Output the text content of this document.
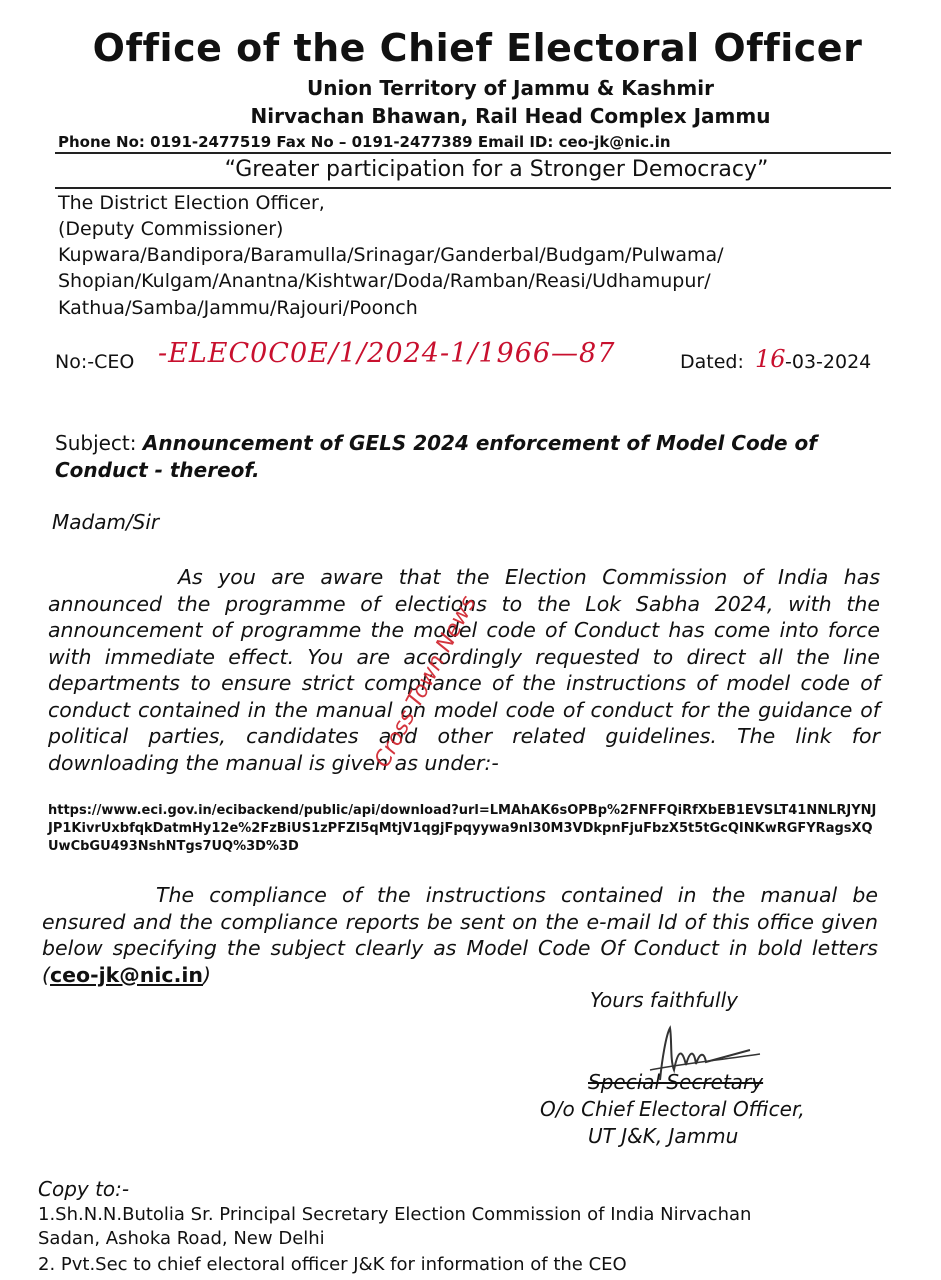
Office of the Chief Electoral Officer
Union Territory of Jammu & Kashmir
Nirvachan Bhawan, Rail Head Complex Jammu
Phone No: 0191-2477519 Fax No – 0191-2477389 Email ID: ceo-jk@nic.in
“Greater participation for a Stronger Democracy”
The District Election Officer,
(Deputy Commissioner)
Kupwara/Bandipora/Baramulla/Srinagar/Ganderbal/Budgam/Pulwama/
Shopian/Kulgam/Anantna/Kishtwar/Doda/Ramban/Reasi/Udhamupur/
Kathua/Samba/Jammu/Rajouri/Poonch
No:-CEO -ELEC0C0E/1/2024-1/1966—87	Dated: 16 -03-2024
Subject: Announcement of GELS 2024 enforcement of Model Code of
Conduct - thereof.
Madam/Sir
As you are aware that the Election Commission of India has announced the programme of elections to the Lok Sabha 2024, with the announcement of programme the model code of Conduct has come into force with immediate effect. You are accordingly requested to direct all the line departments to ensure strict compliance of the instructions of model code of conduct contained in the manual on model code of conduct for the guidance of political parties, candidates and other related guidelines. The link for downloading the manual is given as under:-
https://www.eci.gov.in/ecibackend/public/api/download?url=LMAhAK6sOPBp%2FNFFQiRfXbEB1EVSLT41NNLRJYNJJP1KivrUxbfqkDatmHy12e%2FzBiUS1zPFZI5qMtjV1qgjFpqyywa9nl30M3VDkpnFjuFbzX5t5tGcQINKwRGFYRagsXQUwCbGU493NshNTgs7UQ%3D%3D
The compliance of the instructions contained in the manual be ensured and the compliance reports be sent on the e-mail Id of this office given below specifying the subject clearly as Model Code Of Conduct in bold letters (ceo-jk@nic.in)
Yours faithfully
Special Secretary
O/o Chief Electoral Officer,
UT J&K, Jammu
Copy to:-
1.Sh.N.N.Butolia Sr. Principal Secretary Election Commission of India Nirvachan
Sadan, Ashoka Road, New Delhi
2. Pvt.Sec to chief electoral officer J&K for information of the CEO
Cross Town News
